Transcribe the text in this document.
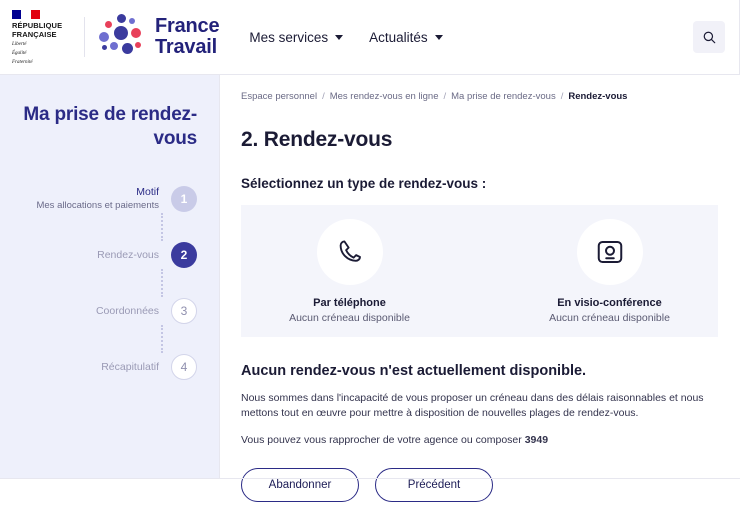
RÉPUBLIQUE
FRANÇAISE
Liberté
Égalité
Fraternité
France
Travail Mes services	Actualités
Ma prise de rendez-vous
Motif
Mes allocations et paiements	1
Rendez-vous	2
Coordonnées	3
Récapitulatif	4
Espace personnel / Mes rendez-vous en ligne / Ma prise de rendez-vous / Rendez-vous
2. Rendez-vous
Sélectionnez un type de rendez-vous :
Par téléphone
Aucun créneau disponible
En visio-conférence
Aucun créneau disponible
Aucun rendez-vous n'est actuellement disponible.
Nous sommes dans l'incapacité de vous proposer un créneau dans des délais raisonnables et nous mettons tout en œuvre pour mettre à disposition de nouvelles plages de rendez-vous.
Vous pouvez vous rapprocher de votre agence ou composer 3949
Abandonner	Précédent
